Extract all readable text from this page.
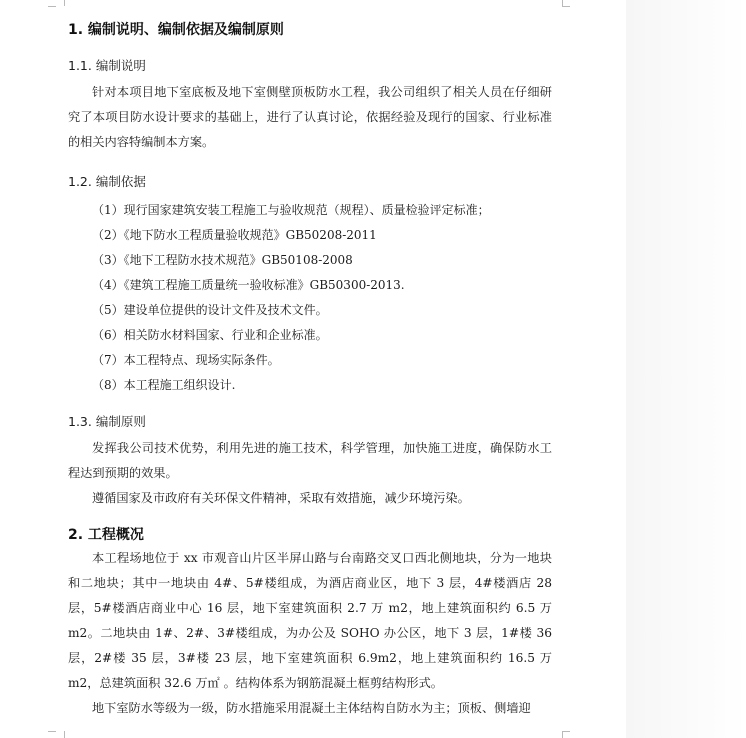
1. 编制说明、编制依据及编制原则
1.1. 编制说明
针对本项目地下室底板及地下室侧壁顶板防水工程，我公司组织了相关人员在仔细研究了本项目防水设计要求的基础上，进行了认真讨论，依据经验及现行的国家、行业标准的相关内容特编制本方案。
1.2. 编制依据
（1）现行国家建筑安装工程施工与验收规范（规程）、质量检验评定标准；
（2）《地下防水工程质量验收规范》GB50208-2011
（3）《地下工程防水技术规范》GB50108-2008
（4）《建筑工程施工质量统一验收标准》GB50300-2013.
（5）建设单位提供的设计文件及技术文件。
（6）相关防水材料国家、行业和企业标准。
（7）本工程特点、现场实际条件。
（8）本工程施工组织设计.
1.3. 编制原则
发挥我公司技术优势，利用先进的施工技术，科学管理，加快施工进度，确保防水工程达到预期的效果。
遵循国家及市政府有关环保文件精神，采取有效措施，减少环境污染。
2. 工程概况
本工程场地位于 xx 市观音山片区半屏山路与台南路交叉口西北侧地块，分为一地块和二地块；其中一地块由 4#、5#楼组成，为酒店商业区，地下 3 层，4#楼酒店 28 层，5#楼酒店商业中心 16 层，地下室建筑面积 2.7 万 m2，地上建筑面积约 6.5 万 m2。二地块由 1#、2#、3#楼组成，为办公及 SOHO 办公区，地下 3 层，1#楼 36 层，2#楼 35 层，3#楼 23 层，地下室建筑面积 6.9m2，地上建筑面积约 16.5 万 m2，总建筑面积 32.6 万㎡ 。结构体系为钢筋混凝土框剪结构形式。
地下室防水等级为一级，防水措施采用混凝土主体结构自防水为主；顶板、侧墙迎
